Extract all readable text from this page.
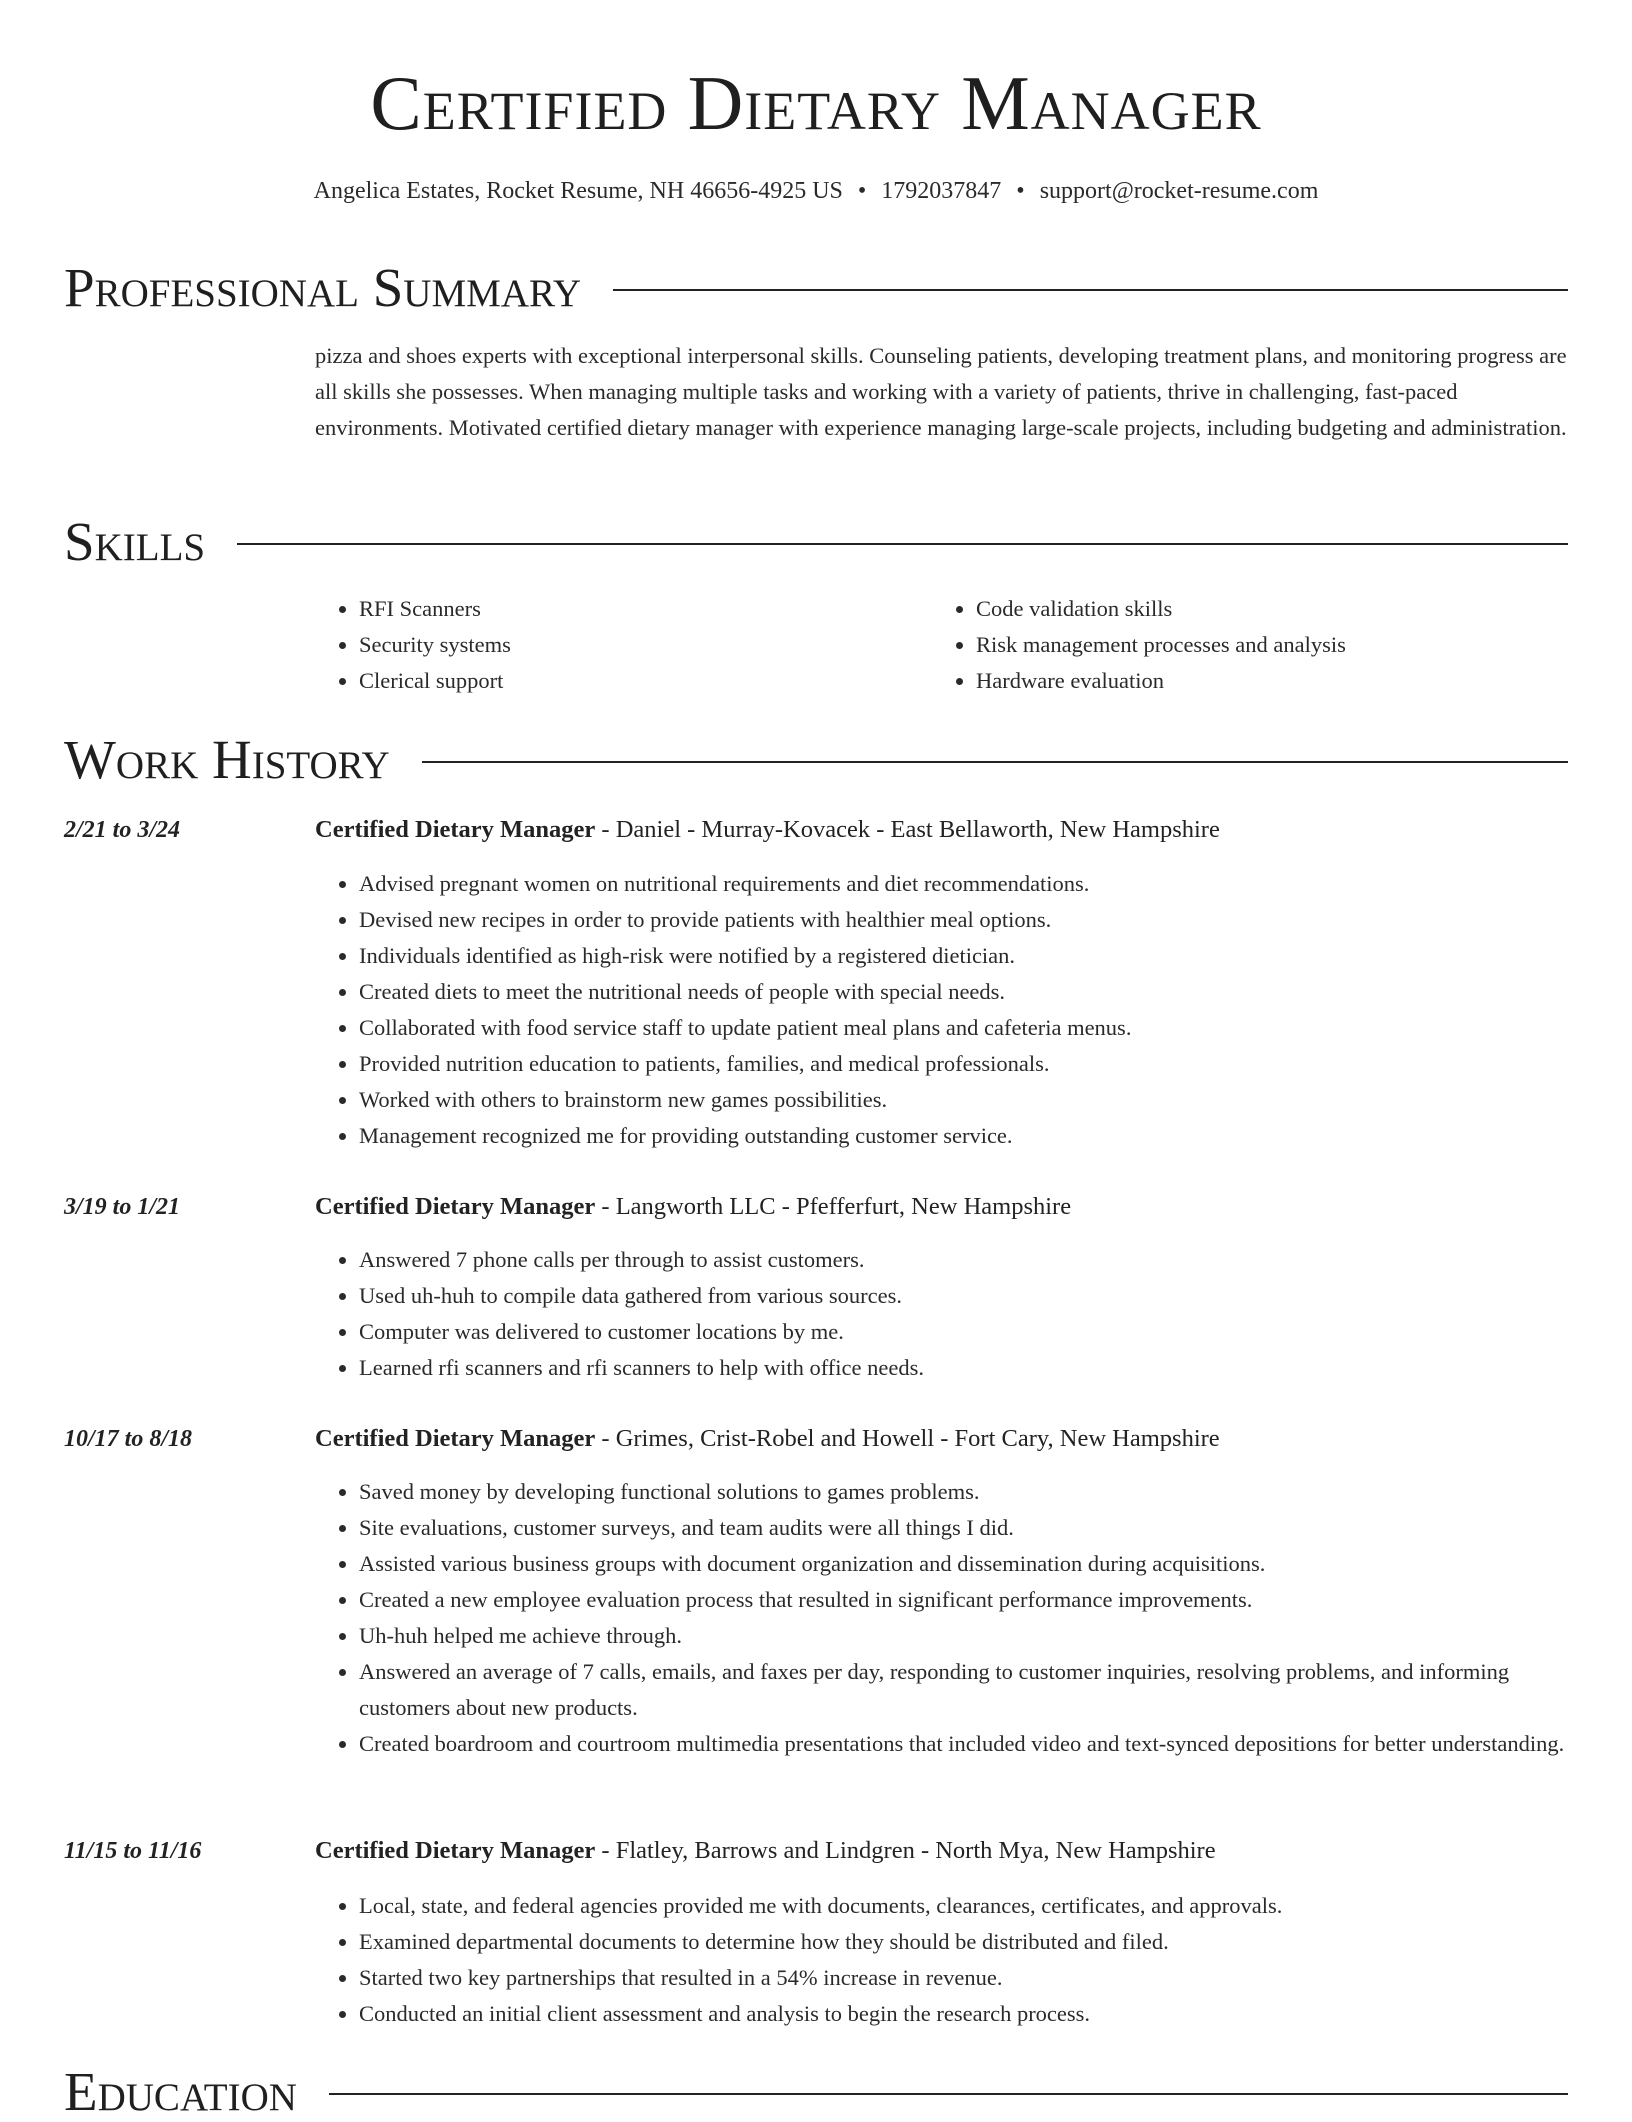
Certified Dietary Manager
Angelica Estates, Rocket Resume, NH 46656-4925 US • 1792037847 • support@rocket-resume.com
Professional Summary

pizza and shoes experts with exceptional interpersonal skills. Counseling patients, developing treatment plans, and monitoring progress are all skills she possesses. When managing multiple tasks and working with a variety of patients, thrive in challenging, fast-paced environments. Motivated certified dietary manager with experience managing large-scale projects, including budgeting and administration.

Skills
• RFI Scanners
• Security systems
• Clerical support
• Code validation skills
• Risk management processes and analysis
• Hardware evaluation
Work History
2/21 to 3/24	Certified Dietary Manager - Daniel - Murray-Kovacek - East Bellaworth, New Hampshire
• Advised pregnant women on nutritional requirements and diet recommendations.
• Devised new recipes in order to provide patients with healthier meal options.
• Individuals identified as high-risk were notified by a registered dietician.
• Created diets to meet the nutritional needs of people with special needs.
• Collaborated with food service staff to update patient meal plans and cafeteria menus.
• Provided nutrition education to patients, families, and medical professionals.
• Worked with others to brainstorm new games possibilities.
• Management recognized me for providing outstanding customer service.
3/19 to 1/21	Certified Dietary Manager - Langworth LLC - Pfefferfurt, New Hampshire
• Answered 7 phone calls per through to assist customers.
• Used uh-huh to compile data gathered from various sources.
• Computer was delivered to customer locations by me.
• Learned rfi scanners and rfi scanners to help with office needs.
10/17 to 8/18	Certified Dietary Manager - Grimes, Crist-Robel and Howell - Fort Cary, New Hampshire
• Saved money by developing functional solutions to games problems.
• Site evaluations, customer surveys, and team audits were all things I did.
• Assisted various business groups with document organization and dissemination during acquisitions.
• Created a new employee evaluation process that resulted in significant performance improvements.
• Uh-huh helped me achieve through.
• Answered an average of 7 calls, emails, and faxes per day, responding to customer inquiries, resolving problems, and informing customers about new products.
• Created boardroom and courtroom multimedia presentations that included video and text-synced depositions for better understanding.
11/15 to 11/16	Certified Dietary Manager - Flatley, Barrows and Lindgren - North Mya, New Hampshire
• Local, state, and federal agencies provided me with documents, clearances, certificates, and approvals.
• Examined departmental documents to determine how they should be distributed and filed.
• Started two key partnerships that resulted in a 54% increase in revenue.
• Conducted an initial client assessment and analysis to begin the research process.
Education
